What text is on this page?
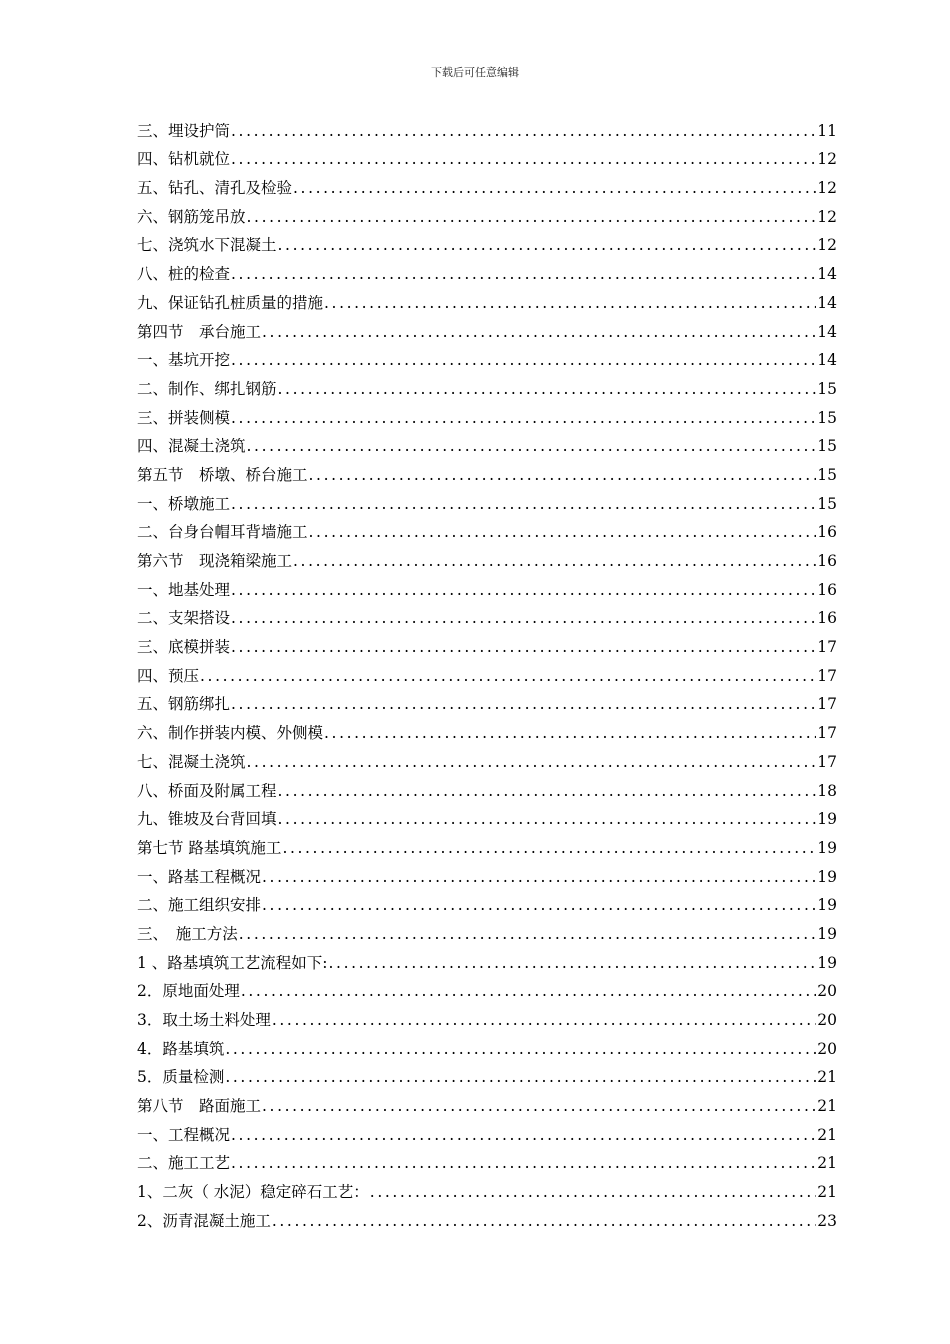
下载后可任意编辑
三、埋设护筒 .....	11
四、钻机就位 .....	12
五、钻孔、清孔及检验 .....	12
六、钢筋笼吊放 .....	12
七、浇筑水下混凝土 .....	12
八、桩的检查 .....	14
九、保证钻孔桩质量的措施 .....	14
第四节　承台施工 .....	14
一、基坑开挖 .....	14
二、制作、绑扎钢筋 .....	15
三、拼装侧模 .....	15
四、混凝土浇筑 .....	15
第五节　桥墩、桥台施工 .....	15
一、桥墩施工 .....	15
二、台身台帽耳背墙施工 .....	16
第六节　现浇箱梁施工 .....	16
一、地基处理 .....	16
二、支架搭设 .....	16
三、底模拼装 .....	17
四、预压 .....	17
五、钢筋绑扎 .....	17
六、制作拼装内模、外侧模 .....	17
七、混凝土浇筑 .....	17
八、桥面及附属工程 .....	18
九、锥坡及台背回填 .....	19
第七节 路基填筑施工 .....	19
一、路基工程概况 .....	19
二、施工组织安排 .....	19
三、　施工方法 .....	19
1 、路基填筑工艺流程如下: .....	19
2．原地面处理 .....	20
3．取土场土料处理 .....	20
4．路基填筑 .....	20
5．质量检测 .....	21
第八节　路面施工 .....	21
一、工程概况 .....	21
二、施工工艺 .....	21
1、二灰（ 水泥）稳定碎石工艺： .....	21
2、沥青混凝土施工 .....	23
